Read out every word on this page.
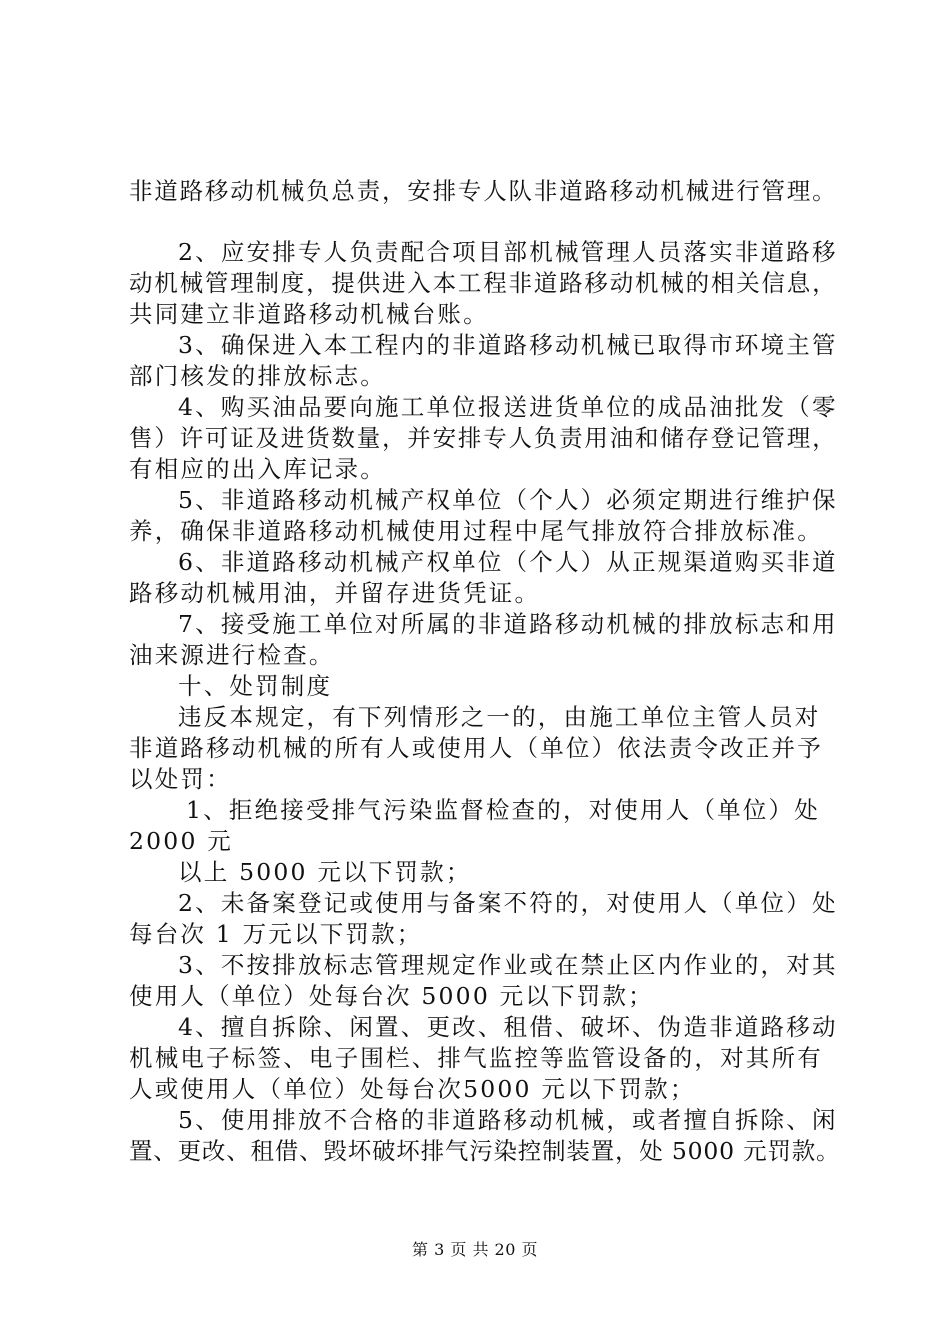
非道路移动机械负总责，安排专人队非道路移动机械进行管理。
2、应安排专人负责配合项目部机械管理人员落实非道路移
动机械管理制度，提供进入本工程非道路移动机械的相关信息，
共同建立非道路移动机械台账。
3、确保进入本工程内的非道路移动机械已取得市环境主管
部门核发的排放标志。
4、购买油品要向施工单位报送进货单位的成品油批发（零
售）许可证及进货数量，并安排专人负责用油和储存登记管理，
有相应的出入库记录。
5、非道路移动机械产权单位（个人）必须定期进行维护保
养，确保非道路移动机械使用过程中尾气排放符合排放标准。
6、非道路移动机械产权单位（个人）从正规渠道购买非道
路移动机械用油，并留存进货凭证。
7、接受施工单位对所属的非道路移动机械的排放标志和用
油来源进行检查。
十、处罚制度
违反本规定，有下列情形之一的，由施工单位主管人员对
非道路移动机械的所有人或使用人（单位）依法责令改正并予
以处罚：
1、拒绝接受排气污染监督检查的，对使用人（单位）处
2000 元
以上 5000 元以下罚款；
2、未备案登记或使用与备案不符的，对使用人（单位）处
每台次 1 万元以下罚款；
3、不按排放标志管理规定作业或在禁止区内作业的，对其
使用人（单位）处每台次 5000 元以下罚款；
4、擅自拆除、闲置、更改、租借、破坏、伪造非道路移动
机械电子标签、电子围栏、排气监控等监管设备的，对其所有
人或使用人（单位）处每台次5000 元以下罚款；
5、使用排放不合格的非道路移动机械，或者擅自拆除、闲
置、更改、租借、毁坏破坏排气污染控制装置，处 5000 元罚款。
第 3 页 共 20 页
